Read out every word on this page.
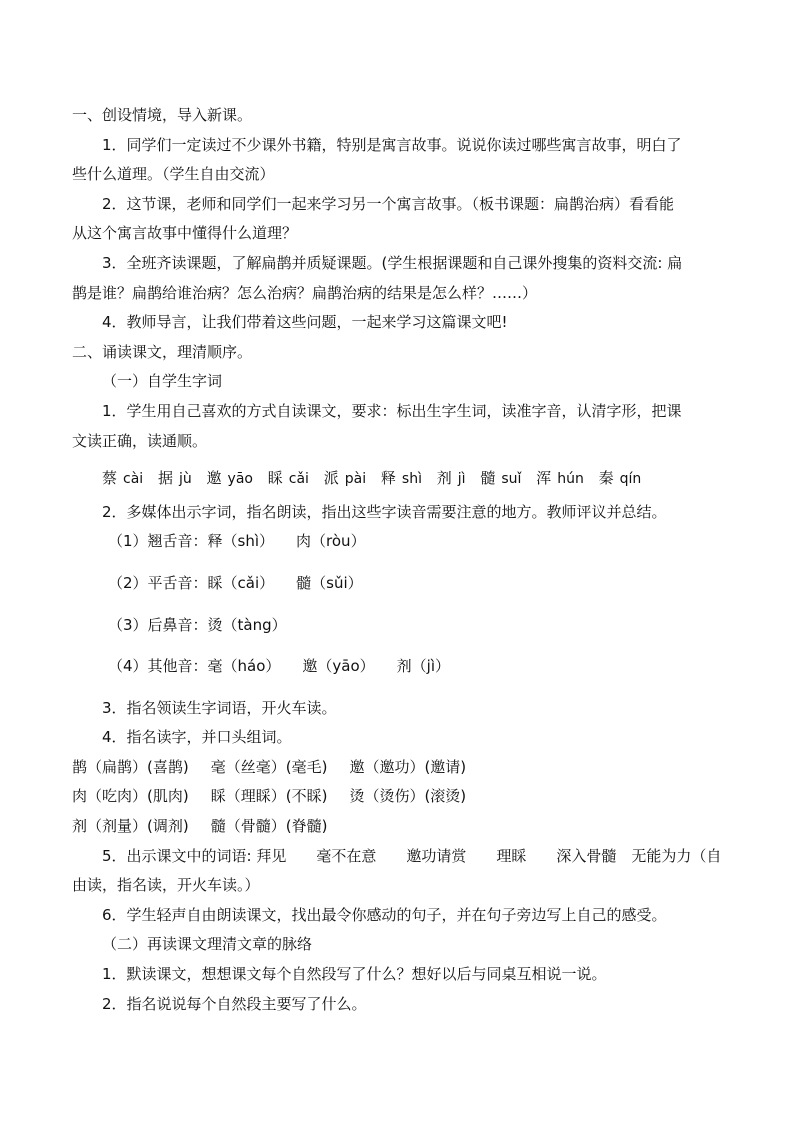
一、创设情境，导入新课。
1．同学们一定读过不少课外书籍，特别是寓言故事。说说你读过哪些寓言故事，明白了
些什么道理。（学生自由交流）
2．这节课，老师和同学们一起来学习另一个寓言故事。（板书课题：扁鹊治病）看看能
从这个寓言故事中懂得什么道理？
3．全班齐读课题，了解扁鹊并质疑课题。(学生根据课题和自己课外搜集的资料交流: 扁
鹊是谁？扁鹊给谁治病？怎么治病？扁鹊治病的结果是怎么样？……）
4．教师导言，让我们带着这些问题，一起来学习这篇课文吧!
二、诵读课文，理清顺序。
（一）自学生字词
1．学生用自己喜欢的方式自读课文，要求：标出生字生词，读准字音，认清字形，把课
文读正确，读通顺。
蔡 cài 据 jù 邀 yāo 睬 cǎi 派 pài 释 shì 剂 jì 髓 suǐ 浑 hún 秦 qín
2．多媒体出示字词，指名朗读，指出这些字读音需要注意的地方。教师评议并总结。
（1）翘舌音：释（shì） 肉（ròu）
（2）平舌音：睬（cǎi） 髓（sǔi）
（3）后鼻音：烫（tàng）
（4）其他音：毫（háo） 邀（yāo） 剂（jì）
3．指名领读生字词语，开火车读。
4．指名读字，并口头组词。
鹊（扁鹊）(喜鹊) 毫（丝毫）(毫毛) 邀（邀功）(邀请)
肉（吃肉）(肌肉) 睬（理睬）(不睬) 烫（烫伤）(滚烫)
剂（剂量）(调剂) 髓（骨髓）(脊髓)
5．出示课文中的词语: 拜见　　毫不在意　　邀功请赏　　理睬　　深入骨髓　无能为力（自
由读，指名读，开火车读。）
6．学生轻声自由朗读课文，找出最令你感动的句子，并在句子旁边写上自己的感受。
（二）再读课文理清文章的脉络
1．默读课文，想想课文每个自然段写了什么？想好以后与同桌互相说一说。
2．指名说说每个自然段主要写了什么。
